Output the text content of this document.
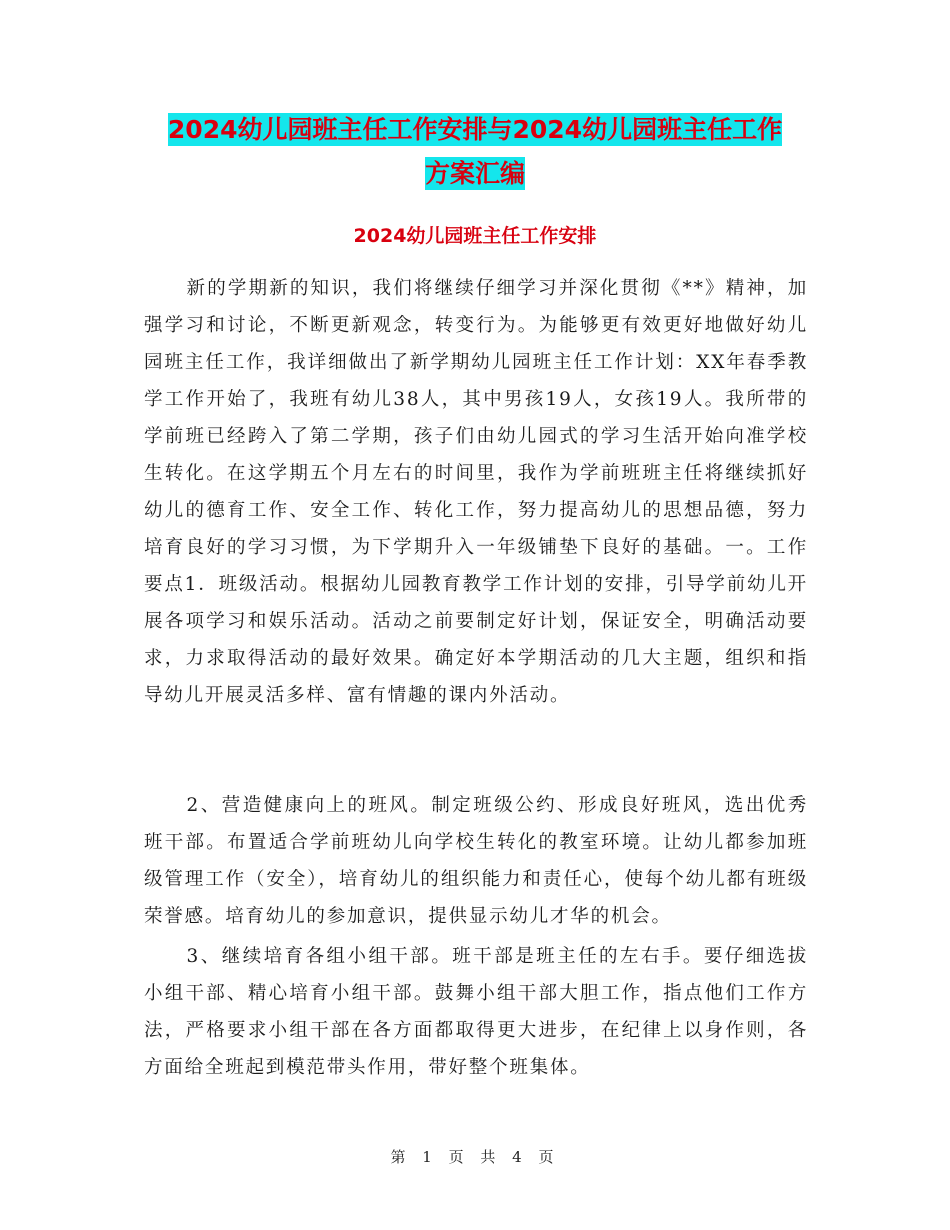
2024幼儿园班主任工作安排与2024幼儿园班主任工作
方案汇编
2024幼儿园班主任工作安排

新的学期新的知识，我们将继续仔细学习并深化贯彻《**》精神，加强学习和讨论，不断更新观念，转变行为。为能够更有效更好地做好幼儿园班主任工作，我详细做出了新学期幼儿园班主任工作计划：XX年春季教学工作开始了，我班有幼儿38人，其中男孩19人，女孩19人。我所带的学前班已经跨入了第二学期，孩子们由幼儿园式的学习生活开始向准学校生转化。在这学期五个月左右的时间里，我作为学前班班主任将继续抓好幼儿的德育工作、安全工作、转化工作，努力提高幼儿的思想品德，努力培育良好的学习习惯，为下学期升入一年级铺垫下良好的基础。一。工作要点1．班级活动。根据幼儿园教育教学工作计划的安排，引导学前幼儿开展各项学习和娱乐活动。活动之前要制定好计划，保证安全，明确活动要求，力求取得活动的最好效果。确定好本学期活动的几大主题，组织和指导幼儿开展灵活多样、富有情趣的课内外活动。

2、营造健康向上的班风。制定班级公约、形成良好班风，选出优秀班干部。布置适合学前班幼儿向学校生转化的教室环境。让幼儿都参加班级管理工作（安全），培育幼儿的组织能力和责任心，使每个幼儿都有班级荣誉感。培育幼儿的参加意识，提供显示幼儿才华的机会。

3、继续培育各组小组干部。班干部是班主任的左右手。要仔细选拔小组干部、精心培育小组干部。鼓舞小组干部大胆工作，指点他们工作方法，严格要求小组干部在各方面都取得更大进步，在纪律上以身作则，各方面给全班起到模范带头作用，带好整个班集体。

第 1 页 共 4 页
